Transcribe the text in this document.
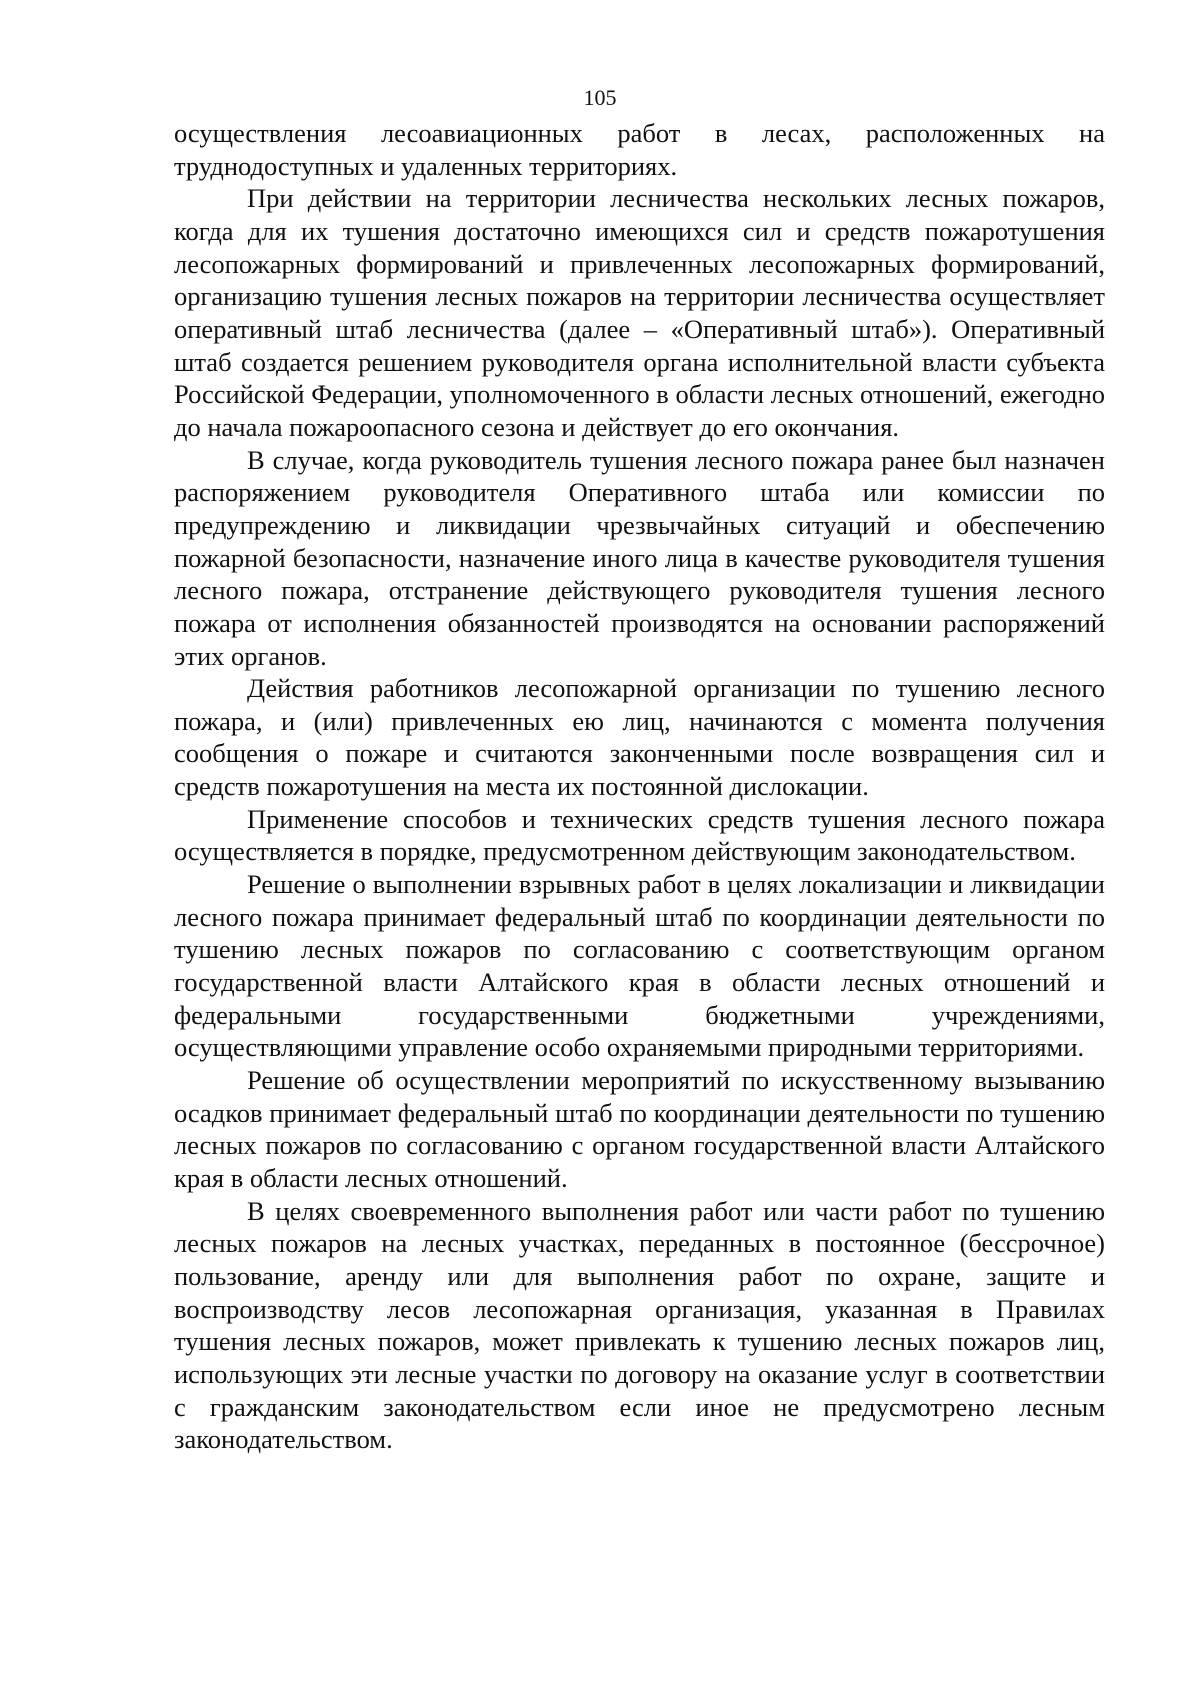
105

осуществления лесоавиационных работ в лесах, расположенных на труднодоступных и удаленных территориях.

При действии на территории лесничества нескольких лесных пожаров, когда для их тушения достаточно имеющихся сил и средств пожаротушения лесопожарных формирований и привлеченных лесопожарных формирований, организацию тушения лесных пожаров на территории лесничества осуществляет оперативный штаб лесничества (далее – «Оперативный штаб»). Оперативный штаб создается решением руководителя органа исполнительной власти субъекта Российской Федерации, уполномоченного в области лесных отношений, ежегодно до начала пожароопасного сезона и действует до его окончания.

В случае, когда руководитель тушения лесного пожара ранее был назначен распоряжением руководителя Оперативного штаба или комиссии по предупреждению и ликвидации чрезвычайных ситуаций и обеспечению пожарной безопасности, назначение иного лица в качестве руководителя тушения лесного пожара, отстранение действующего руководителя тушения лесного пожара от исполнения обязанностей производятся на основании распоряжений этих органов.

Действия работников лесопожарной организации по тушению лесного пожара, и (или) привлеченных ею лиц, начинаются с момента получения сообщения о пожаре и считаются законченными после возвращения сил и средств пожаротушения на места их постоянной дислокации.

Применение способов и технических средств тушения лесного пожара осуществляется в порядке, предусмотренном действующим законодательством.

Решение о выполнении взрывных работ в целях локализации и ликвидации лесного пожара принимает федеральный штаб по координации деятельности по тушению лесных пожаров по согласованию с соответствующим органом государственной власти Алтайского края в области лесных отношений и федеральными государственными бюджетными учреждениями, осуществляющими управление особо охраняемыми природными территориями.

Решение об осуществлении мероприятий по искусственному вызыванию осадков принимает федеральный штаб по координации деятельности по тушению лесных пожаров по согласованию с органом государственной власти Алтайского края в области лесных отношений.

В целях своевременного выполнения работ или части работ по тушению лесных пожаров на лесных участках, переданных в постоянное (бессрочное) пользование, аренду или для выполнения работ по охране, защите и воспроизводству лесов лесопожарная организация, указанная в Правилах тушения лесных пожаров, может привлекать к тушению лесных пожаров лиц, использующих эти лесные участки по договору на оказание услуг в соответствии с гражданским законодательством если иное не предусмотрено лесным законодательством.
